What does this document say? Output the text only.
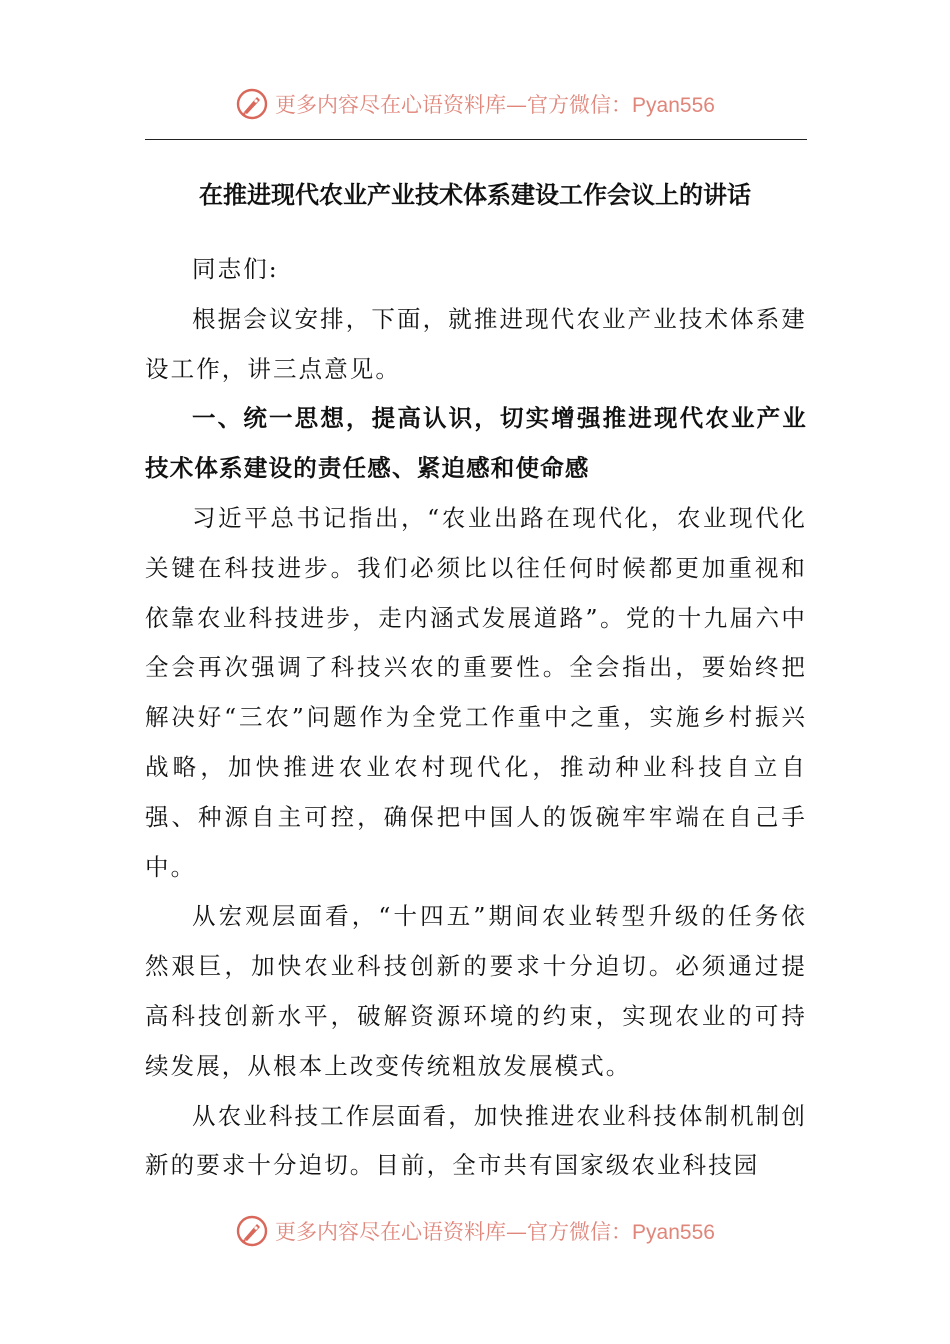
更多内容尽在心语资料库—官方微信：Pyan556
在推进现代农业产业技术体系建设工作会议上的讲话

同志们:

根据会议安排，下面，就推进现代农业产业技术体系建设工作，讲三点意见。

一、统一思想，提高认识，切实增强推进现代农业产业技术体系建设的责任感、紧迫感和使命感

习近平总书记指出，“农业出路在现代化，农业现代化关键在科技进步。我们必须比以往任何时候都更加重视和依靠农业科技进步，走内涵式发展道路”。党的十九届六中全会再次强调了科技兴农的重要性。全会指出，要始终把解决好“三农”问题作为全党工作重中之重，实施乡村振兴战略，加快推进农业农村现代化，推动种业科技自立自强、种源自主可控，确保把中国人的饭碗牢牢端在自己手中。

从宏观层面看，“十四五”期间农业转型升级的任务依然艰巨，加快农业科技创新的要求十分迫切。必须通过提高科技创新水平，破解资源环境的约束，实现农业的可持续发展，从根本上改变传统粗放发展模式。

从农业科技工作层面看，加快推进农业科技体制机制创新的要求十分迫切。目前，全市共有国家级农业科技园

更多内容尽在心语资料库—官方微信：Pyan556
